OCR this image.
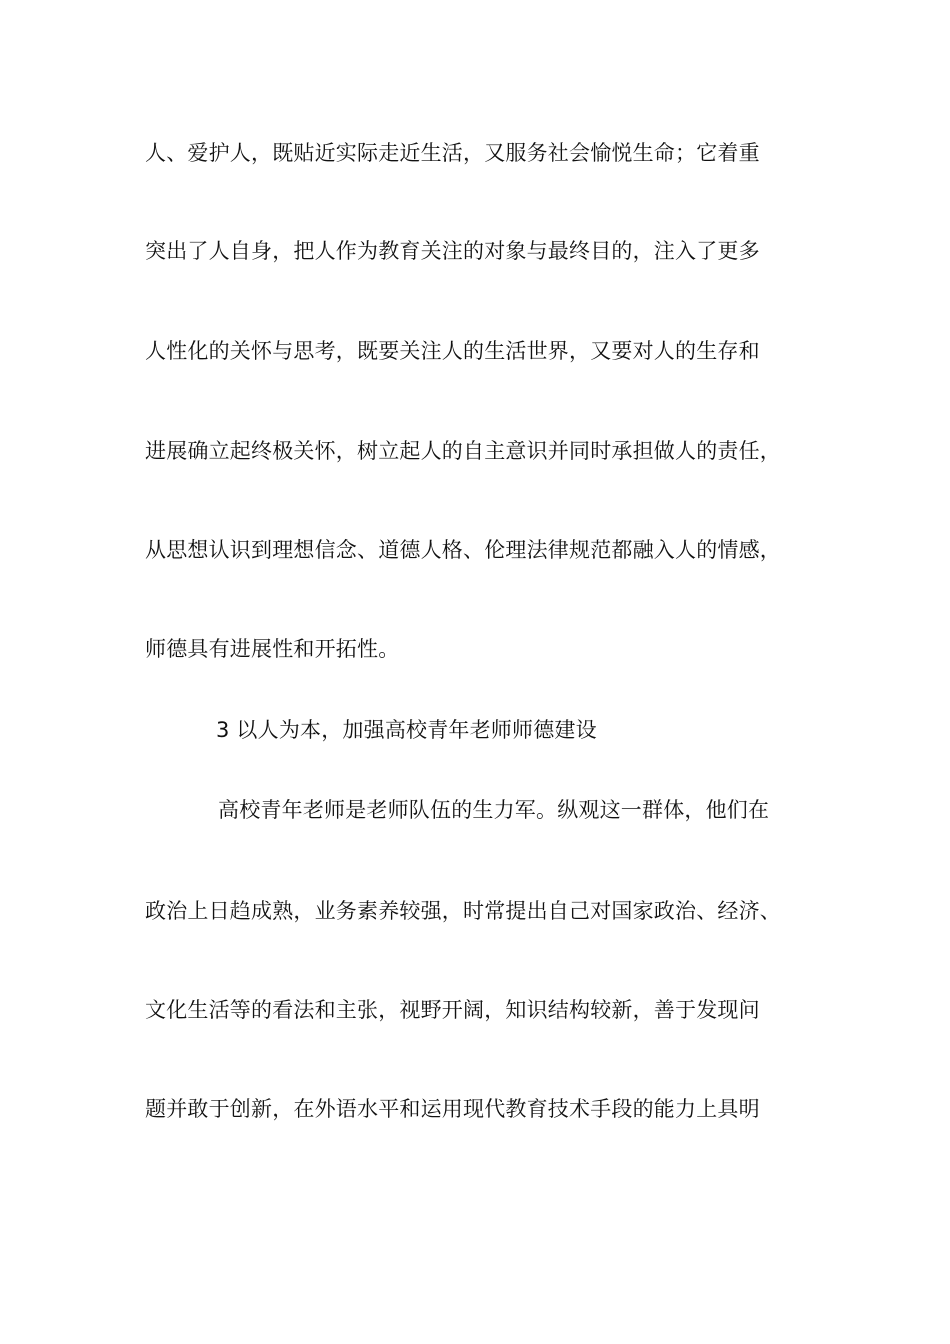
人、爱护人，既贴近实际走近生活，又服务社会愉悦生命；它着重

突出了人自身，把人作为教育关注的对象与最终目的，注入了更多

人性化的关怀与思考，既要关注人的生活世界，又要对人的生存和

进展确立起终极关怀，树立起人的自主意识并同时承担做人的责任，

从思想认识到理想信念、道德人格、伦理法律规范都融入人的情感，

师德具有进展性和开拓性。

3 以人为本，加强高校青年老师师德建设

高校青年老师是老师队伍的生力军。纵观这一群体，他们在

政治上日趋成熟，业务素养较强，时常提出自己对国家政治、经济、

文化生活等的看法和主张，视野开阔，知识结构较新，善于发现问

题并敢于创新，在外语水平和运用现代教育技术手段的能力上具明
